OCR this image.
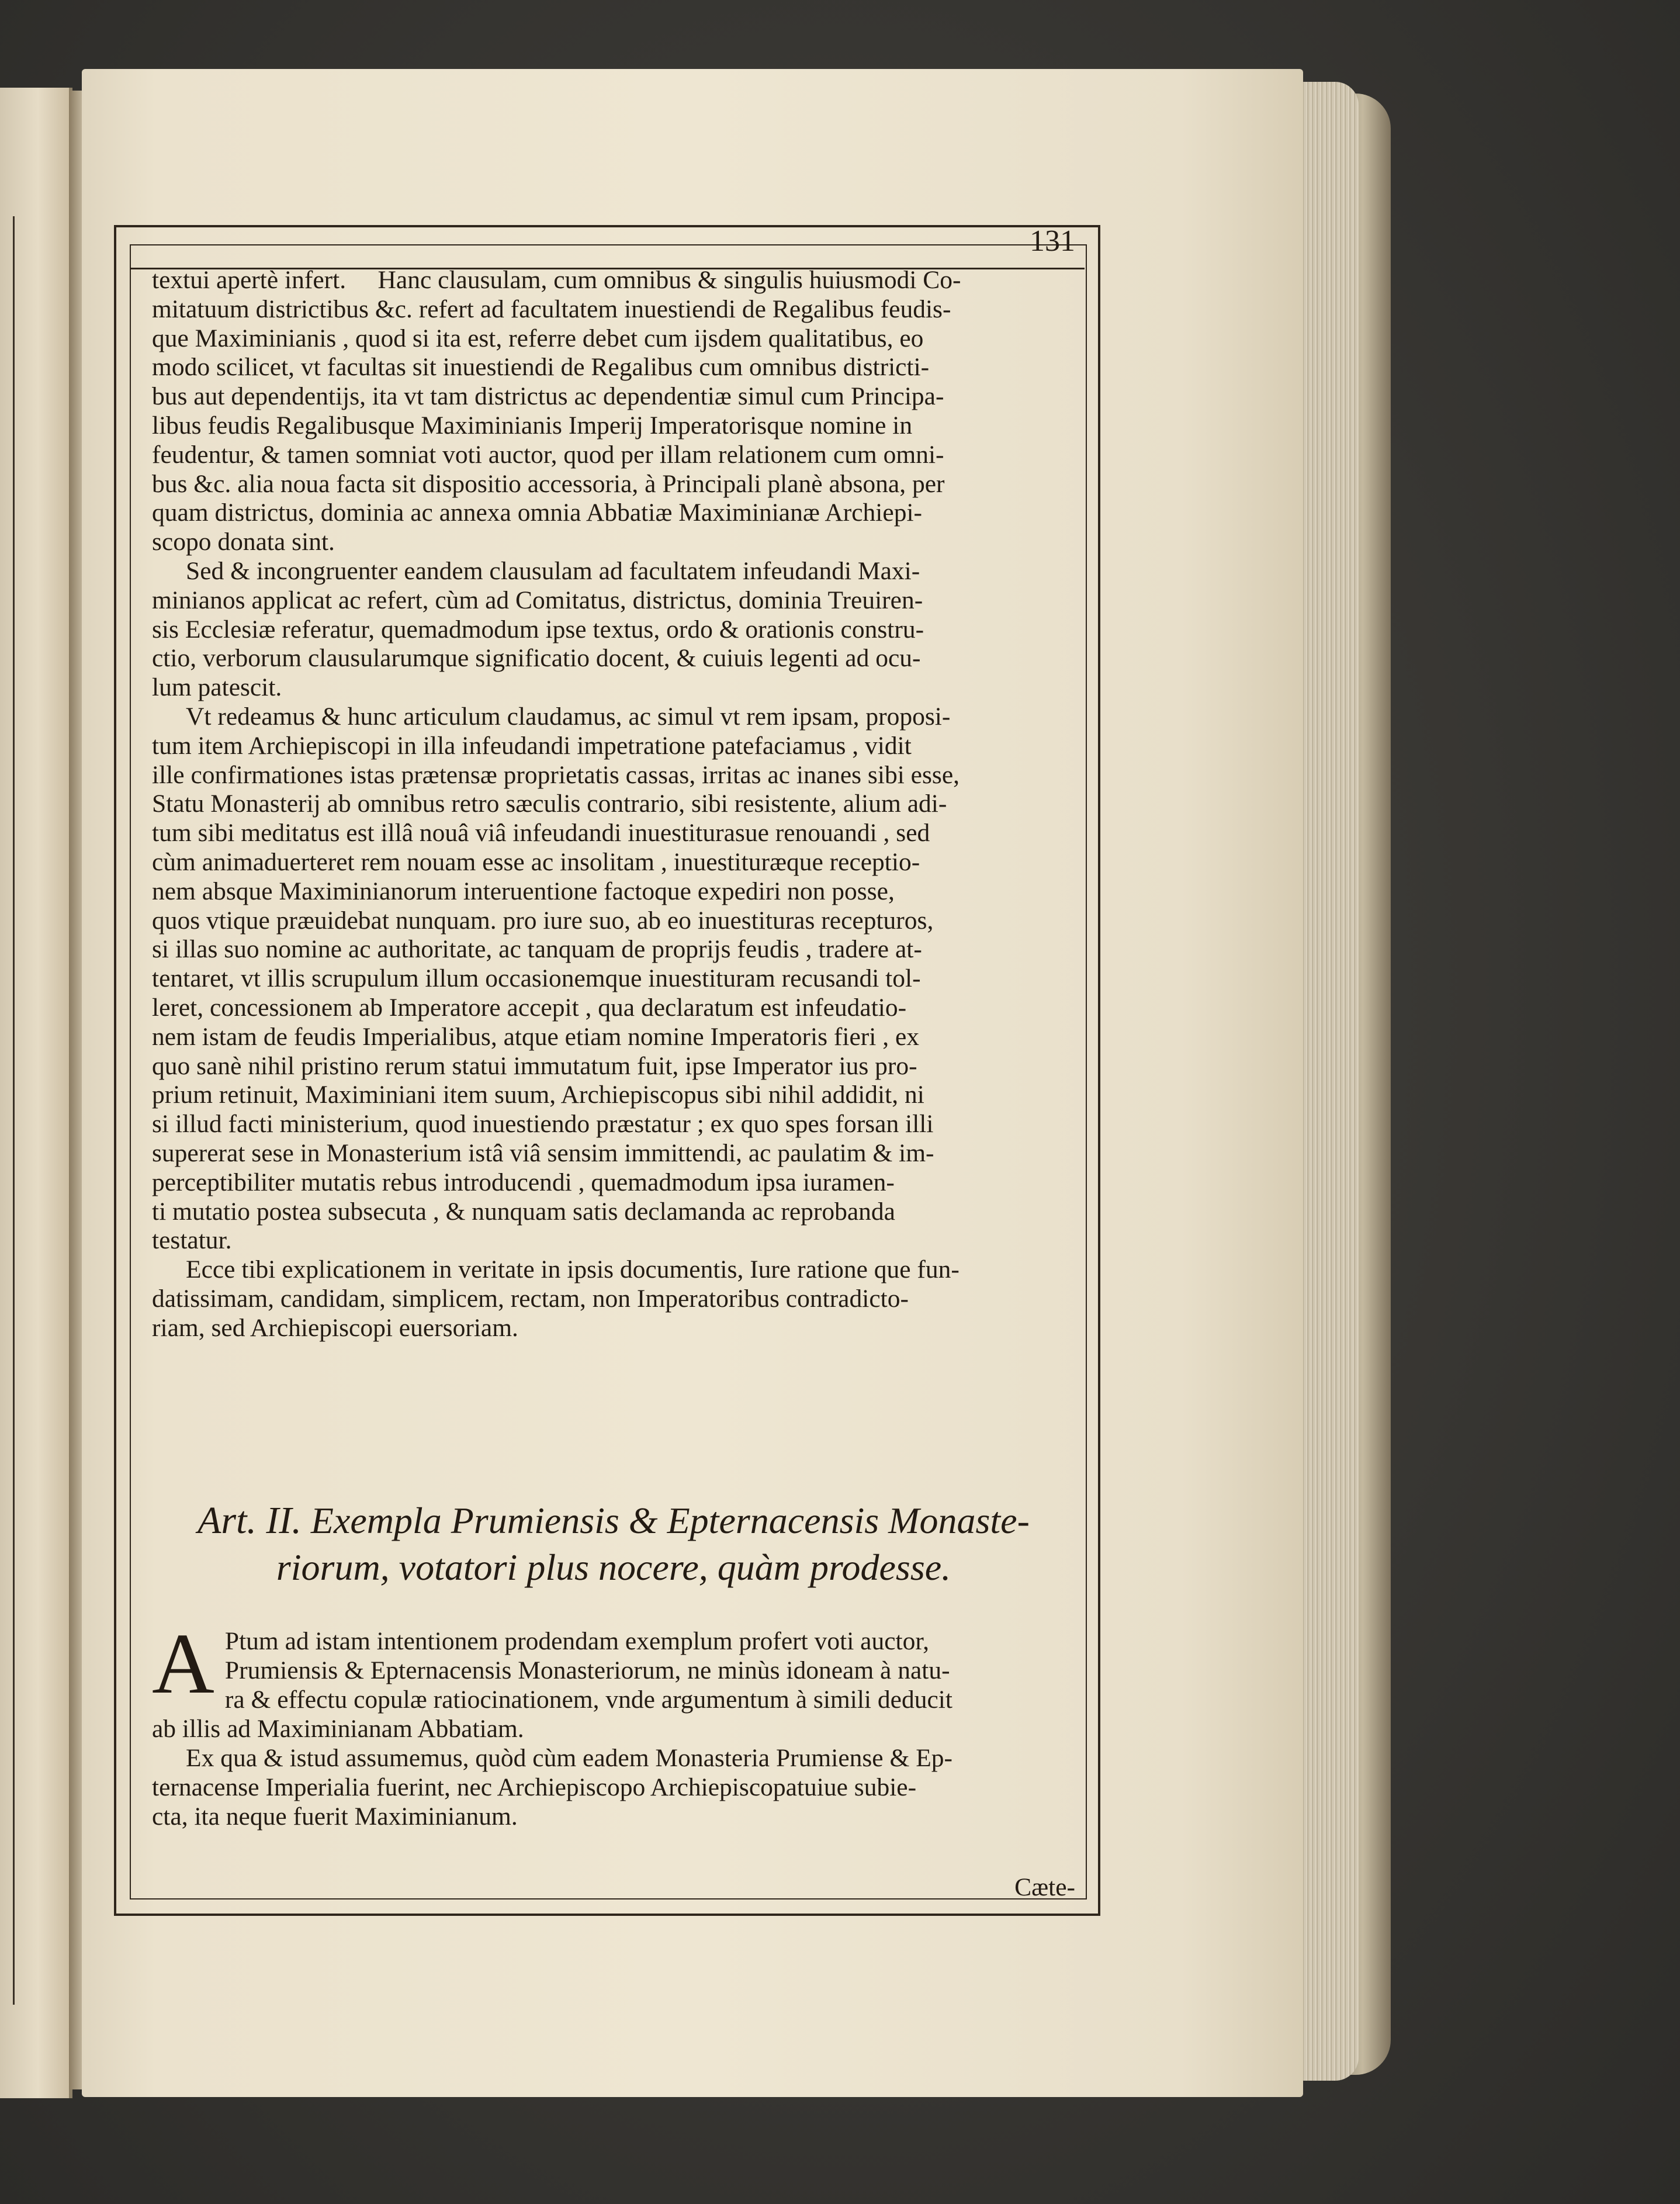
131
textui apertè infert.     Hanc clausulam, cum omnibus & singulis huiusmodi Co-
mitatuum districtibus &c. refert ad facultatem inuestiendi de Regalibus feudis-
que Maximinianis , quod si ita est, referre debet cum ijsdem qualitatibus, eo
modo scilicet, vt facultas sit inuestiendi de Regalibus cum omnibus districti-
bus aut dependentijs, ita vt tam districtus ac dependentiæ simul cum Principa-
libus feudis Regalibusque Maximinianis Imperij Imperatorisque nomine in
feudentur, & tamen somniat voti auctor, quod per illam relationem cum omni-
bus &c. alia noua facta sit dispositio accessoria, à Principali planè absona, per
quam districtus, dominia ac annexa omnia Abbatiæ Maximinianæ Archiepi-
scopo donata sint.
Sed & incongruenter eandem clausulam ad facultatem infeudandi Maxi-
minianos applicat ac refert, cùm ad Comitatus, districtus, dominia Treuiren-
sis Ecclesiæ referatur, quemadmodum ipse textus, ordo & orationis constru-
ctio, verborum clausularumque significatio docent, & cuiuis legenti ad ocu-
lum patescit.
Vt redeamus & hunc articulum claudamus, ac simul vt rem ipsam, proposi-
tum item Archiepiscopi in illa infeudandi impetratione patefaciamus , vidit
ille confirmationes istas prætensæ proprietatis cassas, irritas ac inanes sibi esse,
Statu Monasterij ab omnibus retro sæculis contrario, sibi resistente, alium adi-
tum sibi meditatus est illâ nouâ viâ infeudandi inuestiturasue renouandi , sed
cùm animaduerteret rem nouam esse ac insolitam , inuestituræque receptio-
nem absque Maximinianorum interuentione factoque expediri non posse,
quos vtique præuidebat nunquam. pro iure suo, ab eo inuestituras recepturos,
si illas suo nomine ac authoritate, ac tanquam de proprijs feudis , tradere at-
tentaret, vt illis scrupulum illum occasionemque inuestituram recusandi tol-
leret, concessionem ab Imperatore accepit , qua declaratum est infeudatio-
nem istam de feudis Imperialibus, atque etiam nomine Imperatoris fieri , ex
quo sanè nihil pristino rerum statui immutatum fuit, ipse Imperator ius pro-
prium retinuit, Maximiniani item suum, Archiepiscopus sibi nihil addidit, ni
si illud facti ministerium, quod inuestiendo præstatur ; ex quo spes forsan illi
supererat sese in Monasterium istâ viâ sensim immittendi, ac paulatim & im-
perceptibiliter mutatis rebus introducendi , quemadmodum ipsa iuramen-
ti mutatio postea subsecuta , & nunquam satis declamanda ac reprobanda
testatur.
Ecce tibi explicationem in veritate in ipsis documentis, Iure ratione que fun-
datissimam, candidam, simplicem, rectam, non Imperatoribus contradicto-
riam, sed Archiepiscopi euersoriam.
Art. II. Exempla Prumiensis & Epternacensis Monaste-
riorum, votatori plus nocere, quàm prodesse.
A Ptum ad istam intentionem prodendam exemplum profert voti auctor,
Prumiensis & Epternacensis Monasteriorum, ne minùs idoneam à natu-
ra & effectu copulæ ratiocinationem, vnde argumentum à simili deducit
ab illis ad Maximinianam Abbatiam.
Ex qua & istud assumemus, quòd cùm eadem Monasteria Prumiense & Ep-
ternacense Imperialia fuerint, nec Archiepiscopo Archiepiscopatuiue subie-
cta, ita neque fuerit Maximinianum.
Cæte-
